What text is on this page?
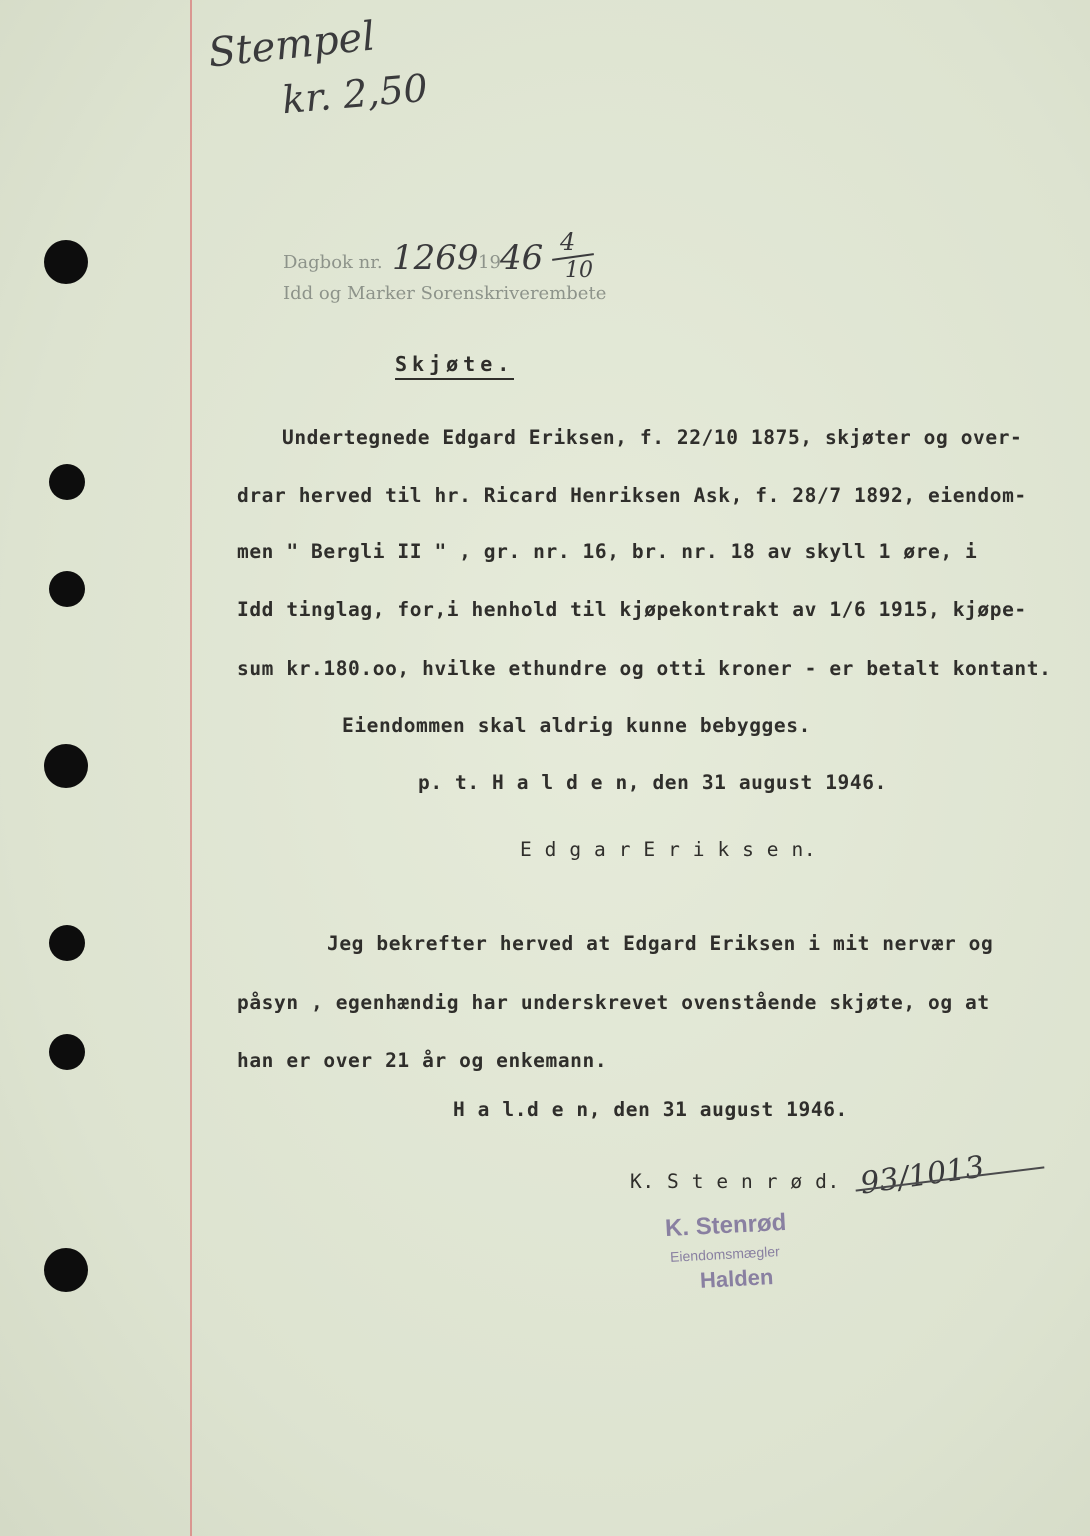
Stempel
kr. 2,50
Dagbok nr. 1269 19 46 4
10
Idd og Marker Sorenskriverembete
Skjøte.
Undertegnede Edgard Eriksen, f. 22/10 1875, skjøter og over-
drar herved til hr. Ricard Henriksen Ask, f. 28/7 1892, eiendom-
men " Bergli II " , gr. nr. 16, br. nr. 18 av skyll 1 øre, i
Idd tinglag, for,i henhold til kjøpekontrakt av 1/6 1915, kjøpe-
sum kr.180.oo, hvilke ethundre og otti kroner - er betalt kontant.
Eiendommen skal aldrig kunne bebygges.
p. t. H a l d e n, den 31 august 1946.
E d g a r E r i k s e n.
Jeg bekrefter herved at Edgard Eriksen i mit nervær og
påsyn , egenhændig har underskrevet ovenstående skjøte, og at
han er over 21 år og enkemann.
H a l.d e n, den 31 august 1946.
K. S t e n r ø d. 93/1013
K. Stenrød
Eiendomsmægler
Halden
